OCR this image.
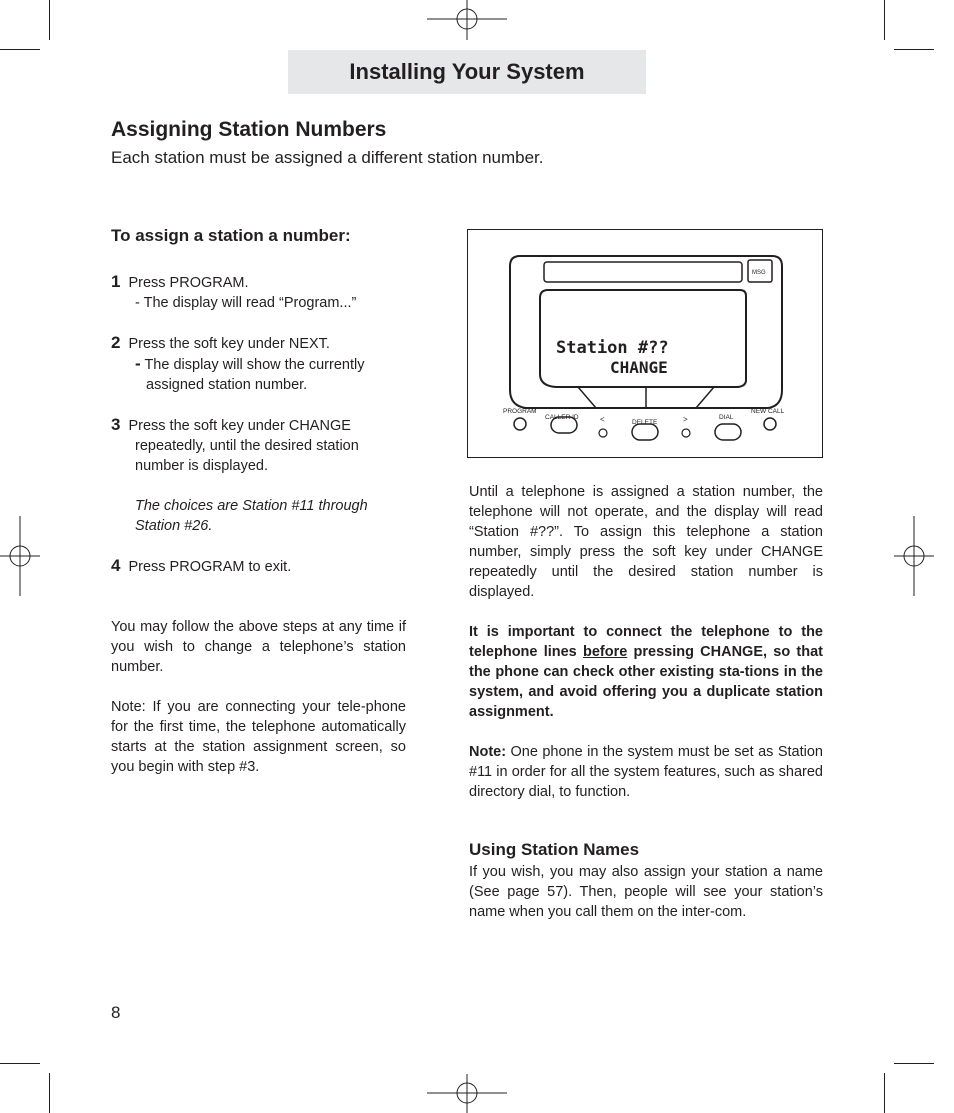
Installing Your System
Assigning Station Numbers
Each station must be assigned a different station number.

To assign a station a number:

1 Press PROGRAM.
- The display will read “Program...”
2 Press the soft key under NEXT.
- The display will show the currently
assigned station number.
3 Press the soft key under CHANGE
repeatedly, until the desired station
number is displayed.
The choices are Station #11 through
Station #26.
4 Press PROGRAM to exit.

You may follow the above steps at any time if you wish to change a telephone’s station number.

Note: If you are connecting your tele-phone for the first time, the telephone automatically starts at the station assignment screen, so you begin with step #3.

MSG
Station #??
CHANGE
PROGRAM
CALLER ID	<	DELETE	>	DIAL
NEW CALL

Until a telephone is assigned a station number, the telephone will not operate, and the display will read “Station #??”. To assign this telephone a station number, simply press the soft key under CHANGE repeatedly until the desired station number is displayed.

It is important to connect the telephone to the telephone lines before pressing CHANGE, so that the phone can check other existing sta-tions in the system, and avoid offering you a duplicate station assignment.

Note: One phone in the system must be set as Station #11 in order for all the system features, such as shared directory dial, to function.

Using Station Names

If you wish, you may also assign your station a name (See page 57). Then, people will see your station’s name when you call them on the inter-com.

8
